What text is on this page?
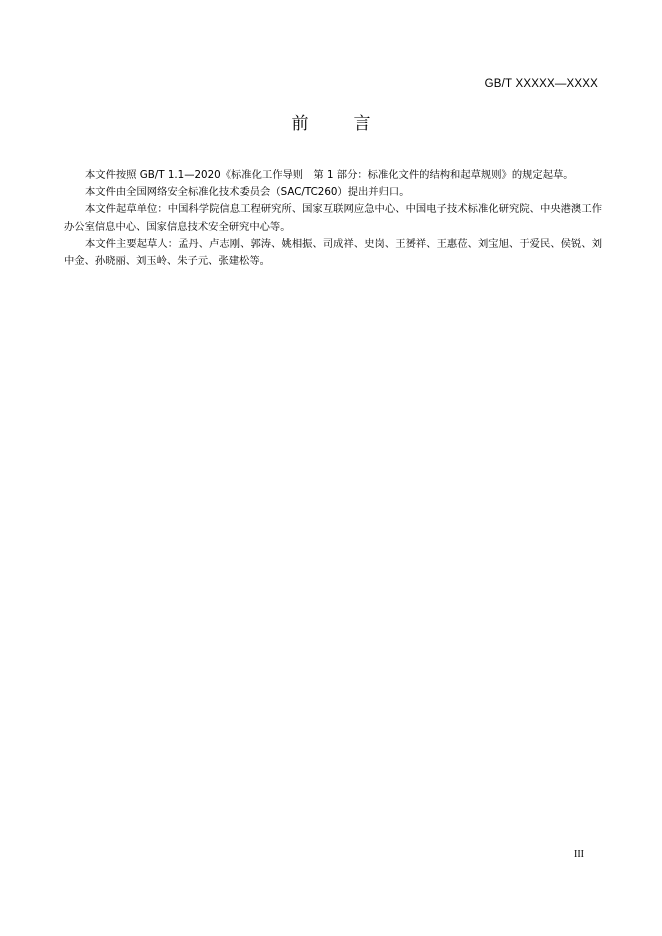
GB/T XXXXX—XXXX
前　言

本文件按照 GB/T 1.1—2020《标准化工作导则　第 1 部分：标准化文件的结构和起草规则》的规定起草。

本文件由全国网络安全标准化技术委员会（SAC/TC260）提出并归口。

本文件起草单位：中国科学院信息工程研究所、国家互联网应急中心、中国电子技术标准化研究院、中央港澳工作办公室信息中心、国家信息技术安全研究中心等。

本文件主要起草人：孟丹、卢志刚、郭涛、姚相振、司成祥、史岗、王赟祥、王惠莅、刘宝旭、于爱民、侯锐、刘中金、孙晓丽、刘玉岭、朱子元、张建松等。

III
